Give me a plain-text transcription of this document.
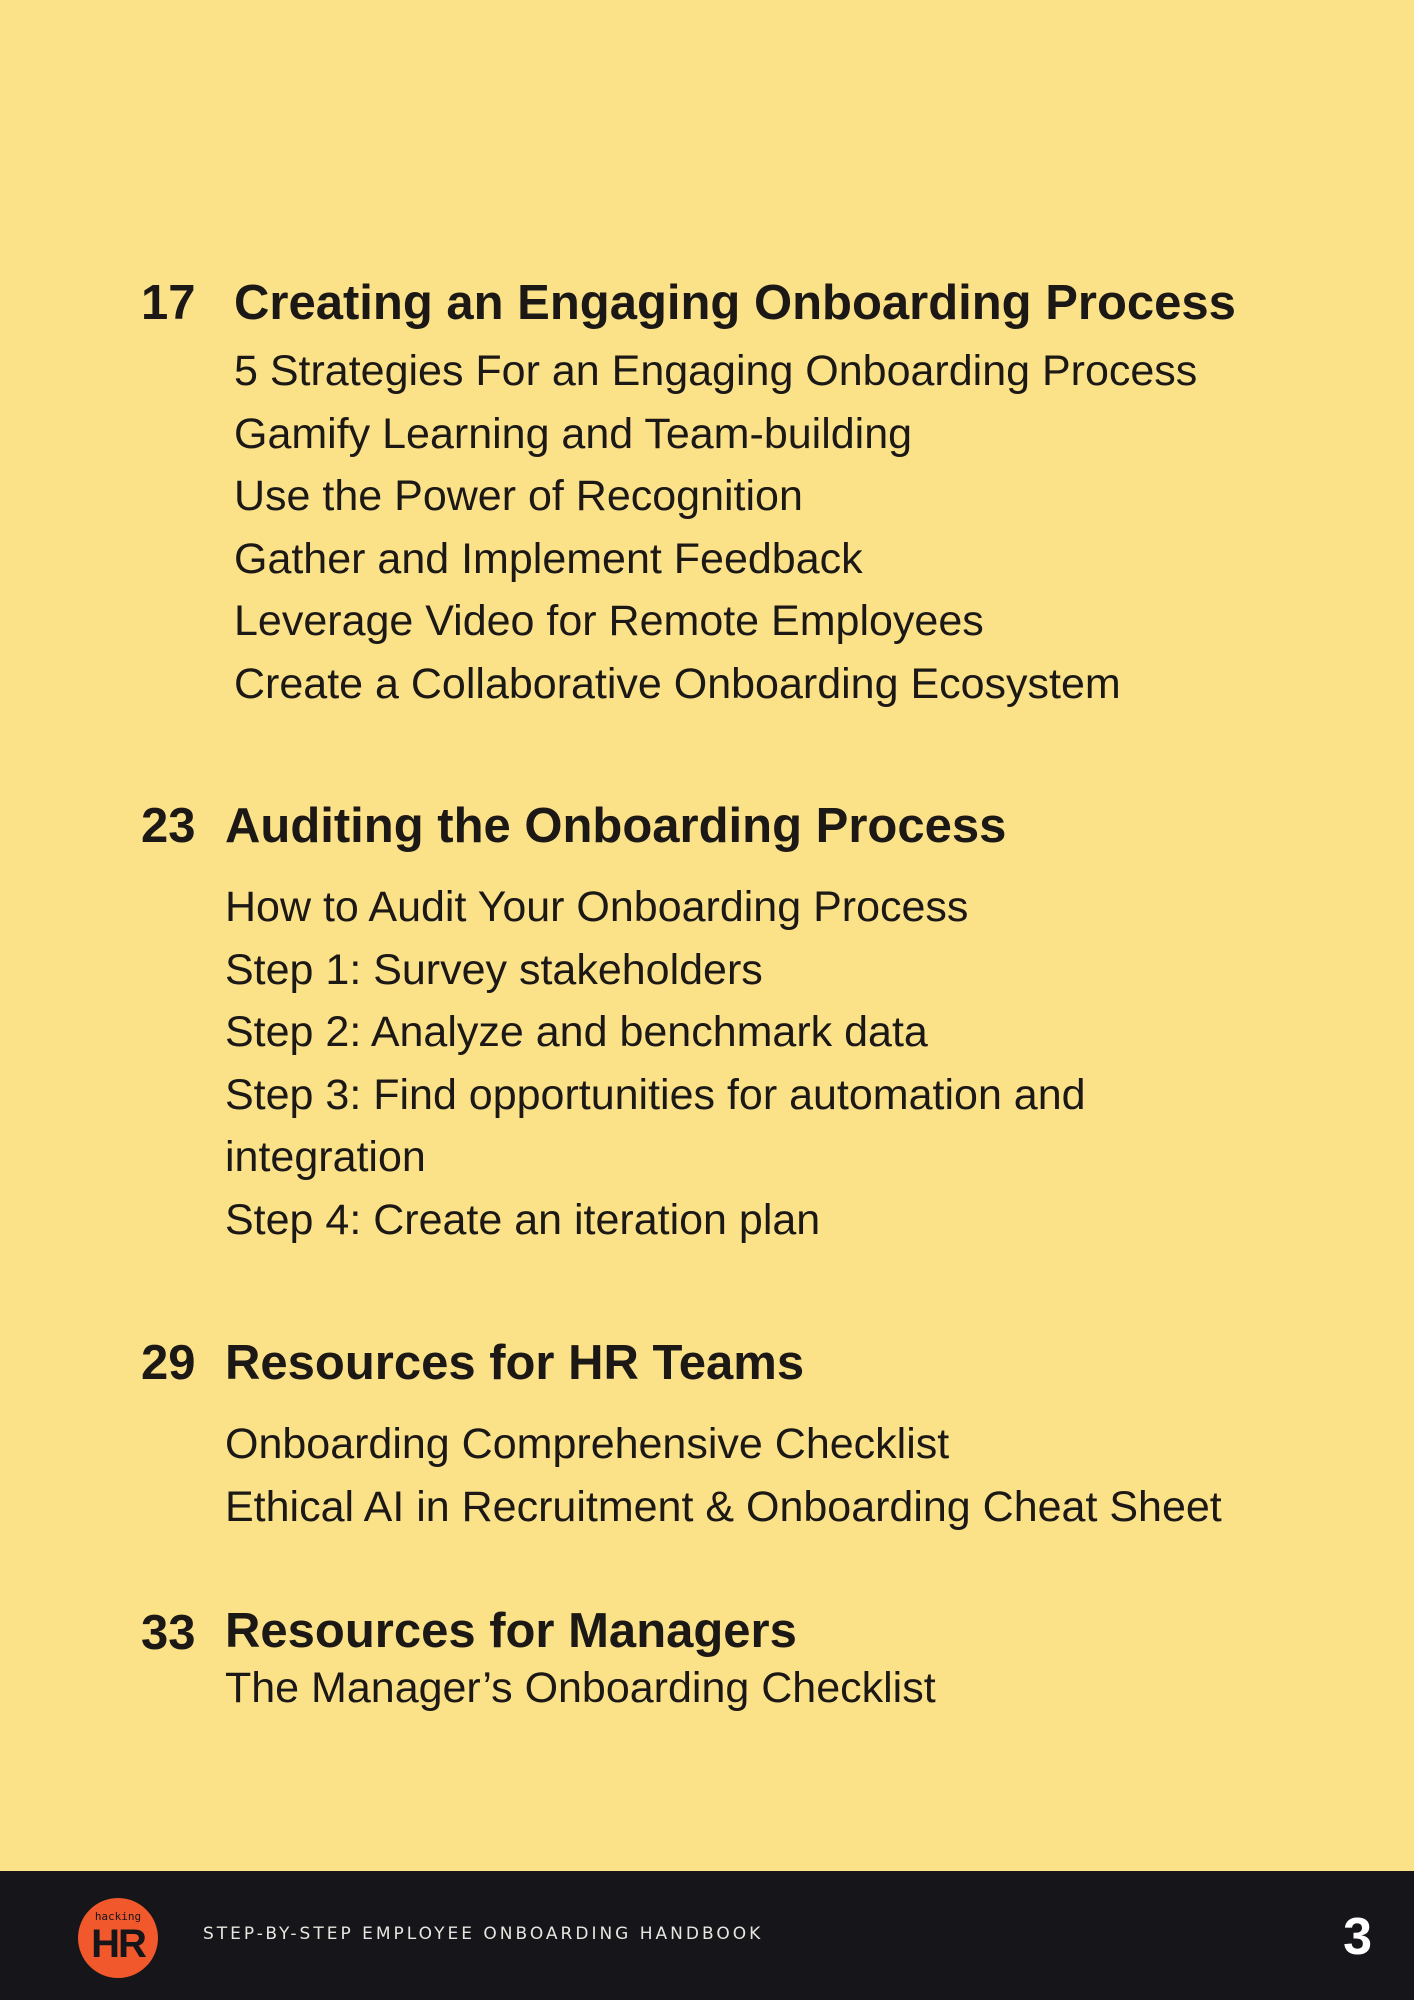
17 Creating an Engaging Onboarding Process
5 Strategies For an Engaging Onboarding Process
Gamify Learning and Team-building
Use the Power of Recognition
Gather and Implement Feedback
Leverage Video for Remote Employees
Create a Collaborative Onboarding Ecosystem
23 Auditing the Onboarding Process
How to Audit Your Onboarding Process
Step 1: Survey stakeholders
Step 2: Analyze and benchmark data
Step 3: Find opportunities for automation and integration
Step 4: Create an iteration plan
29 Resources for HR Teams
Onboarding Comprehensive Checklist
Ethical AI in Recruitment & Onboarding Cheat Sheet
33 Resources for Managers
The Manager’s Onboarding Checklist
hacking
HR	STEP-BY-STEP EMPLOYEE ONBOARDING HANDBOOK	3
